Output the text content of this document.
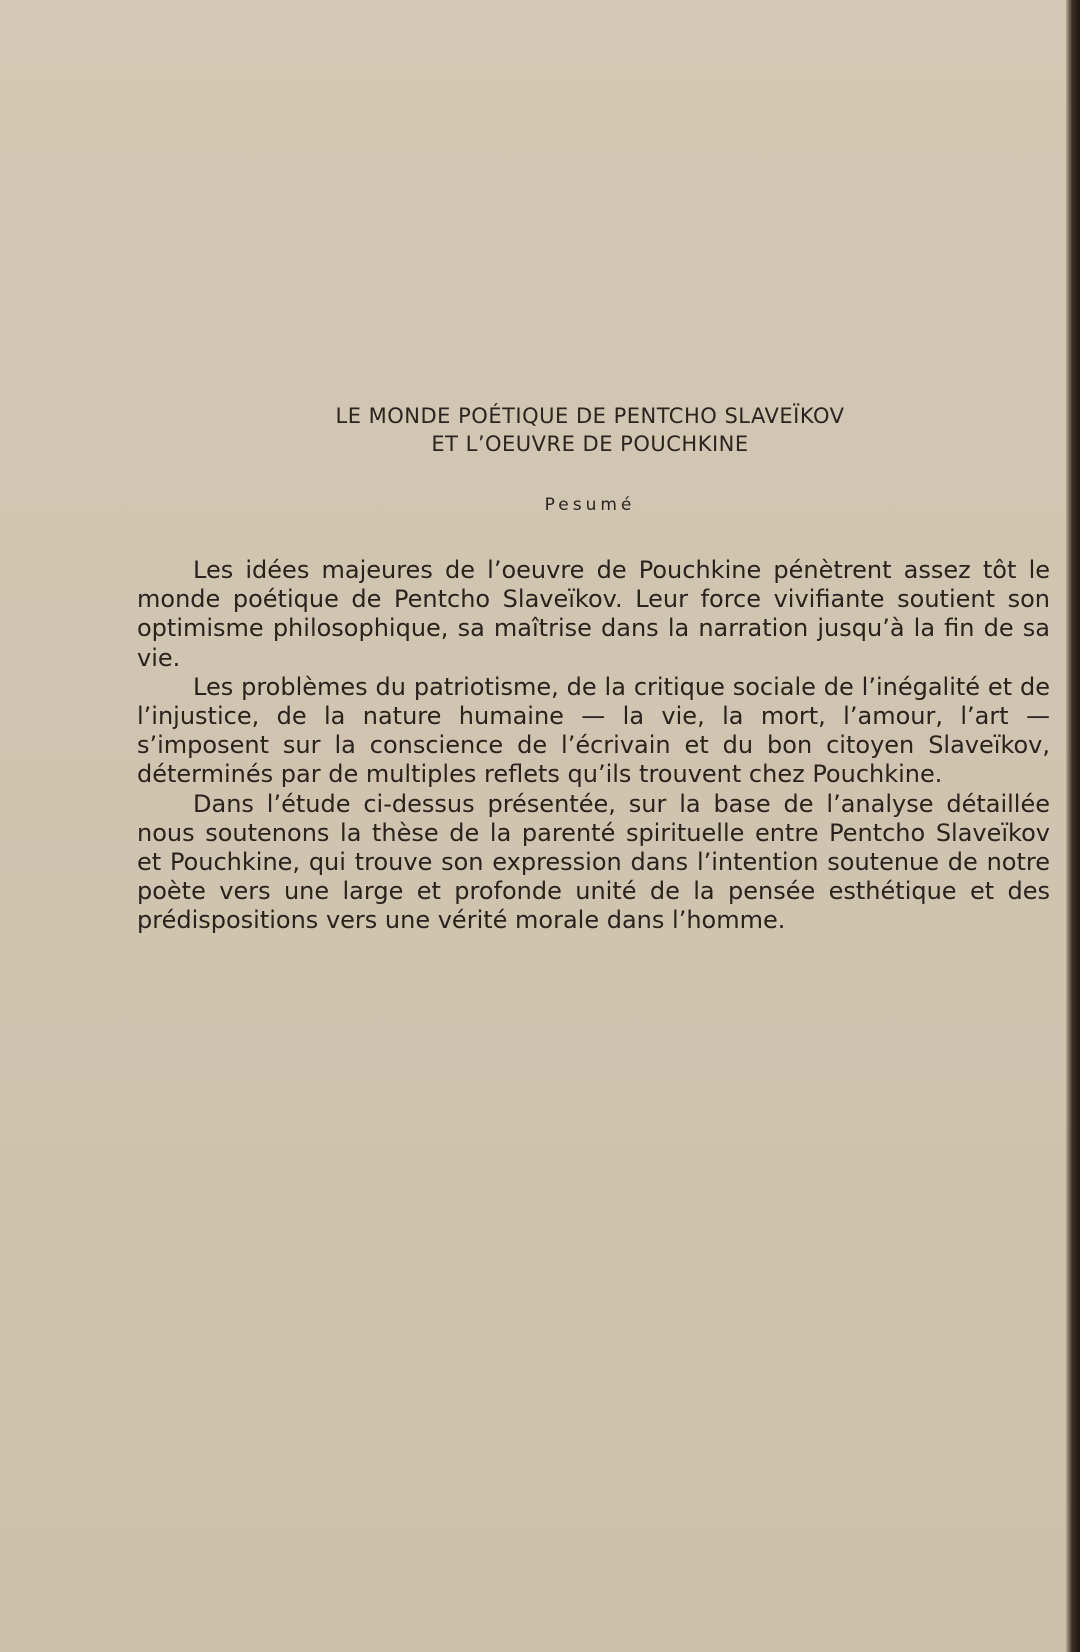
LE MONDE POÉTIQUE DE PENTCHO SLAVEÏKOV
ET L’OEUVRE DE POUCHKINE
Pesumé

Les idées majeures de l’oeuvre de Pouchkine pénètrent assez tôt le monde poétique de Pentcho Slaveïkov. Leur force vivifiante soutient son optimisme philosophique, sa maîtrise dans la narration jusqu’à la fin de sa vie.

Les problèmes du patriotisme, de la critique sociale de l’inégalité et de l’injustice, de la nature humaine — la vie, la mort, l’amour, l’art — s’imposent sur la conscience de l’écrivain et du bon citoyen Slaveïkov, déterminés par de multiples reflets qu’ils trouvent chez Pouchkine.

Dans l’étude ci-dessus présentée, sur la base de l’analyse détaillée nous soutenons la thèse de la parenté spirituelle entre Pentcho Slaveïkov et Pouchkine, qui trouve son expression dans l’intention soutenue de notre poète vers une large et profonde unité de la pensée esthétique et des prédispositions vers une vérité morale dans l’homme.
